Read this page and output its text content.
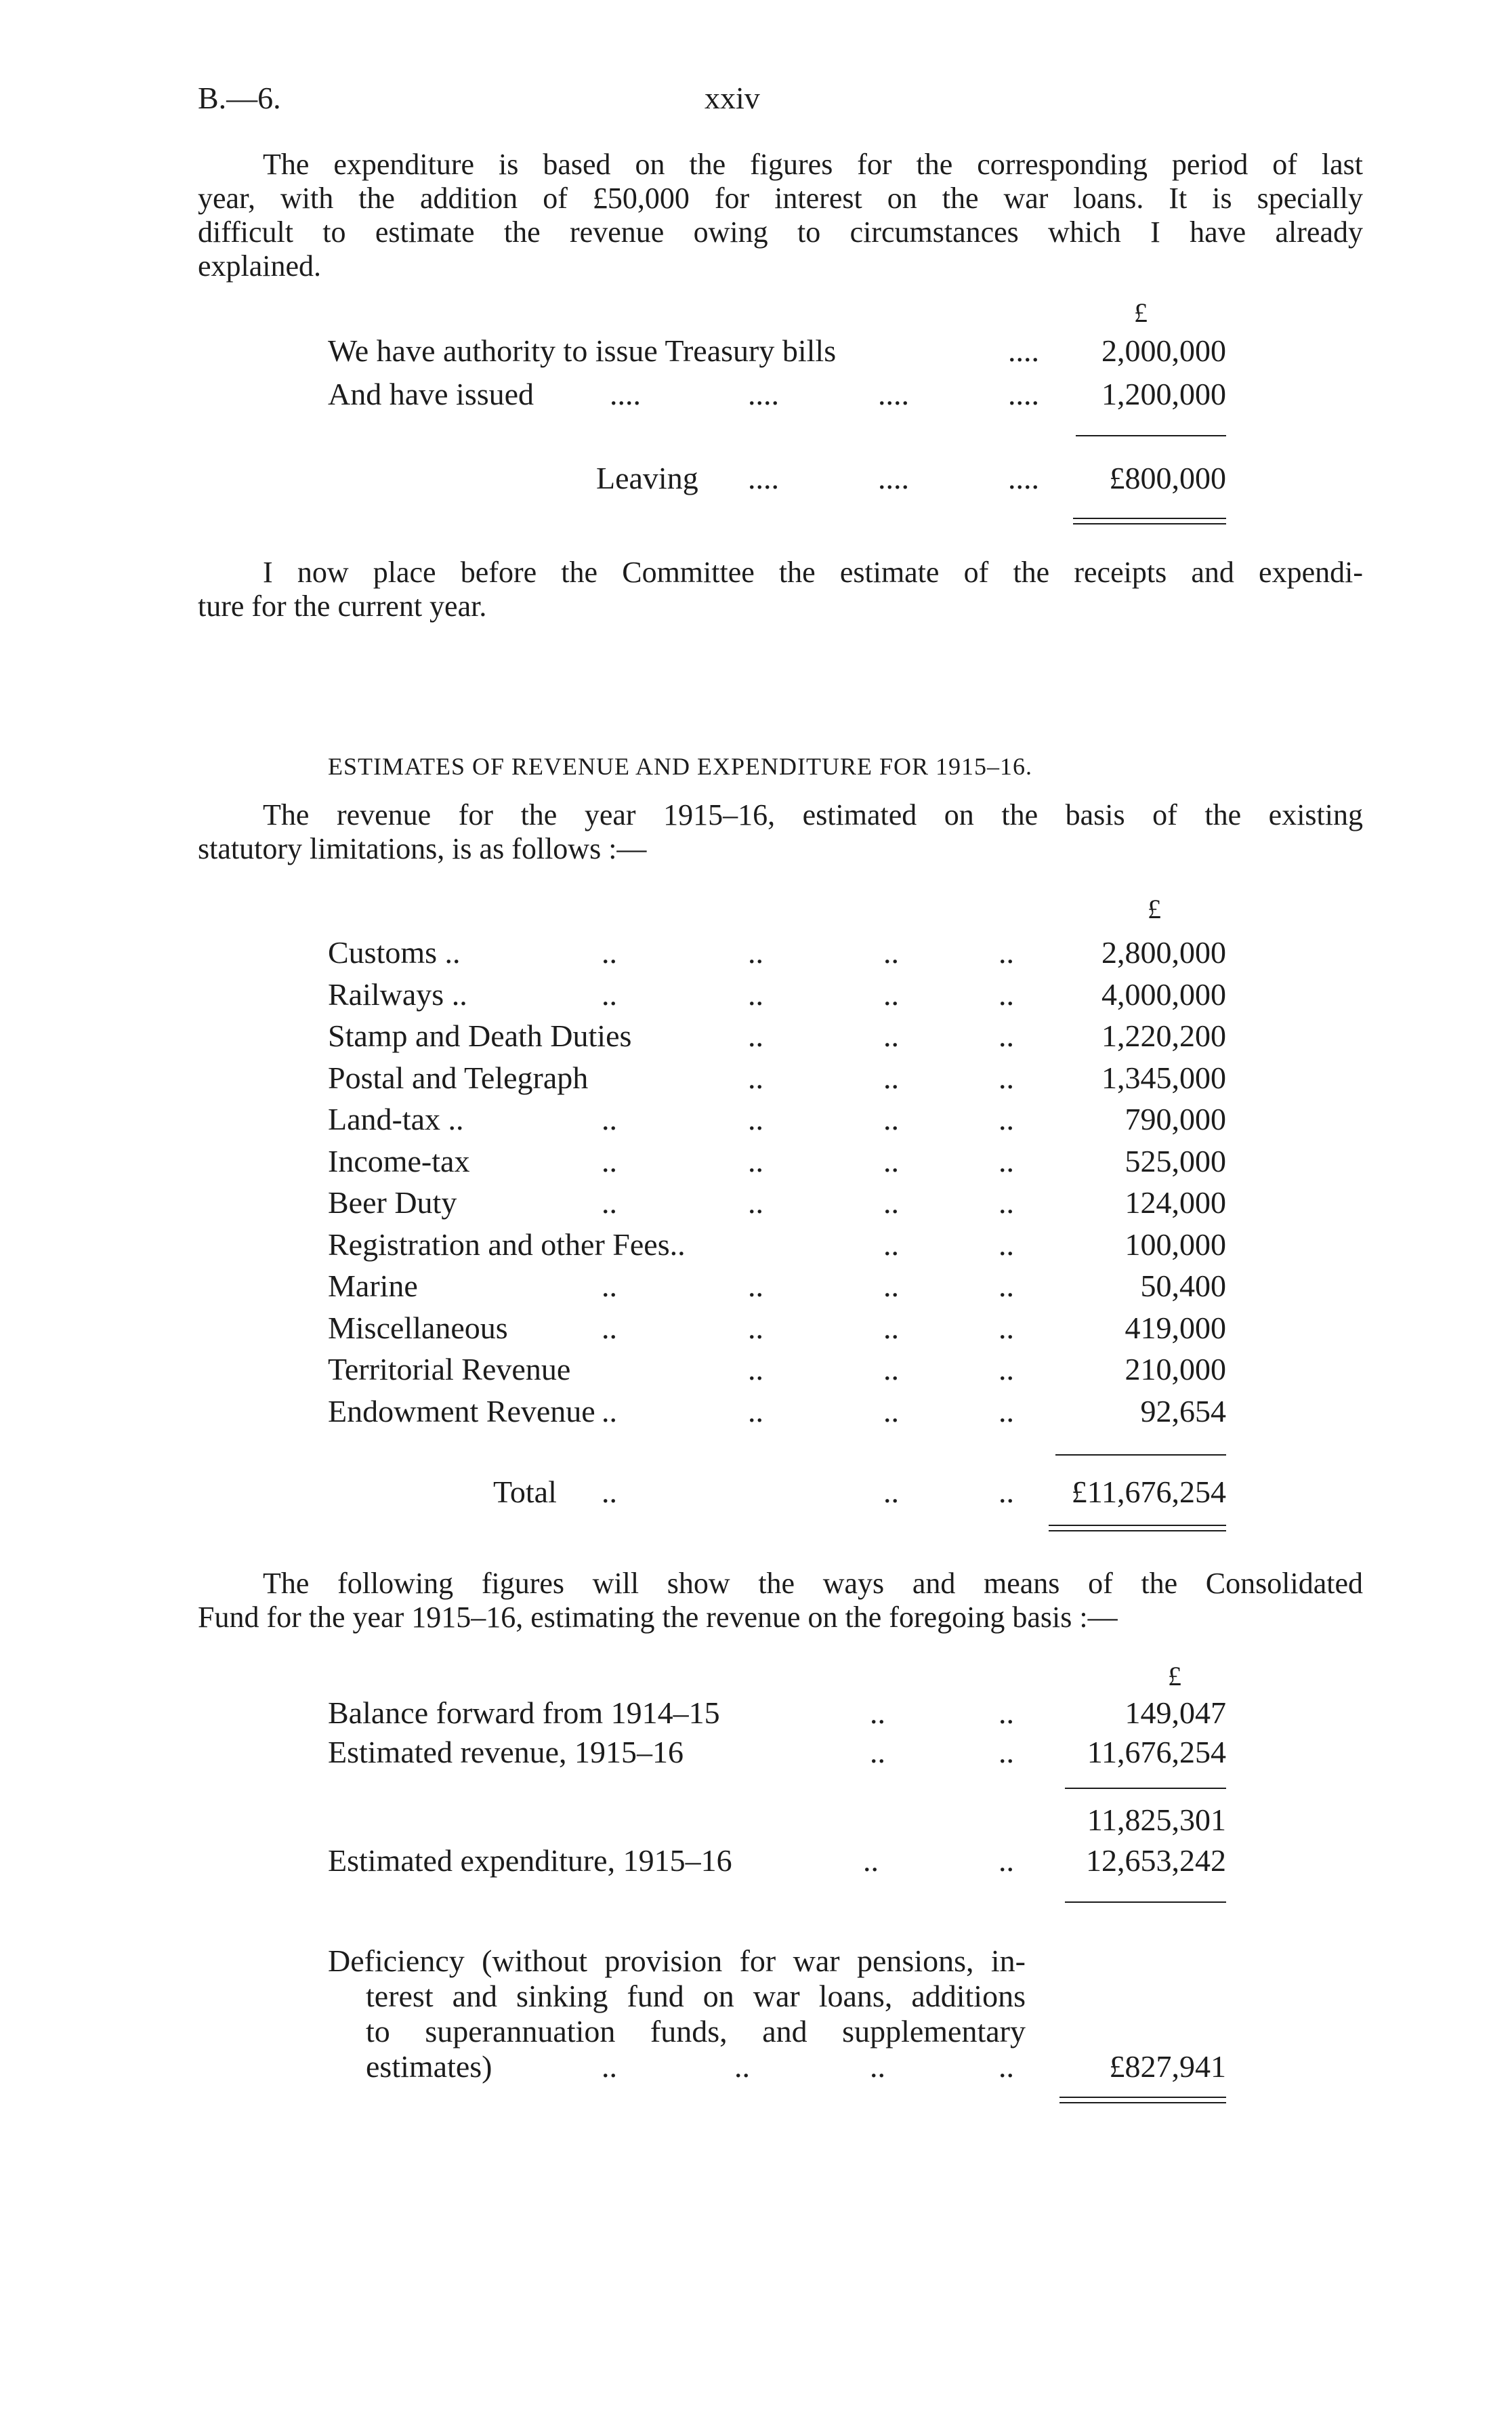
B.—6.	xxiv
The expenditure is based on the figures for the corresponding period of last
year, with the addition of £50,000 for interest on the war loans. It is specially
difficult to estimate the revenue owing to circumstances which I have already
explained.
£
We have authority to issue Treasury bills	.... 2,000,000
And have issued ....	....	....	.... 1,200,000
Leaving ....	....	.... £800,000
I now place before the Committee the estimate of the receipts and expendi-
ture for the current year.
ESTIMATES OF REVENUE AND EXPENDITURE FOR 1915–16.
The revenue for the year 1915–16, estimated on the basis of the existing
statutory limitations, is as follows :—
£
Customs ..	..	..	..	..	2,800,000
Railways ..	..	..	..	..	4,000,000
Stamp and Death Duties	..	..	..	1,220,200
Postal and Telegraph	..	..	..	1,345,000
Land-tax ..	..	..	..	..	790,000
Income-tax	..	..	..	..	525,000
Beer Duty	..	..	..	..	124,000
Registration and other Fees..	..	..	100,000
Marine	..	..	..	..	50,400
Miscellaneous	..	..	..	..	419,000
Territorial Revenue	..	..	..	210,000
Endowment Revenue ..	..	..	..	92,654
Total ..	..	.. £11,676,254
The following figures will show the ways and means of the Consolidated
Fund for the year 1915–16, estimating the revenue on the foregoing basis :—
£
Balance forward from 1914–15	..	..	149,047
Estimated revenue, 1915–16	..	.. 11,676,254
11,825,301
Estimated expenditure, 1915–16	..	.. 12,653,242
Deficiency (without provision for war pensions, in-
terest and sinking fund on war loans, additions
to superannuation funds, and supplementary
estimates)	..	..	..	..	£827,941
